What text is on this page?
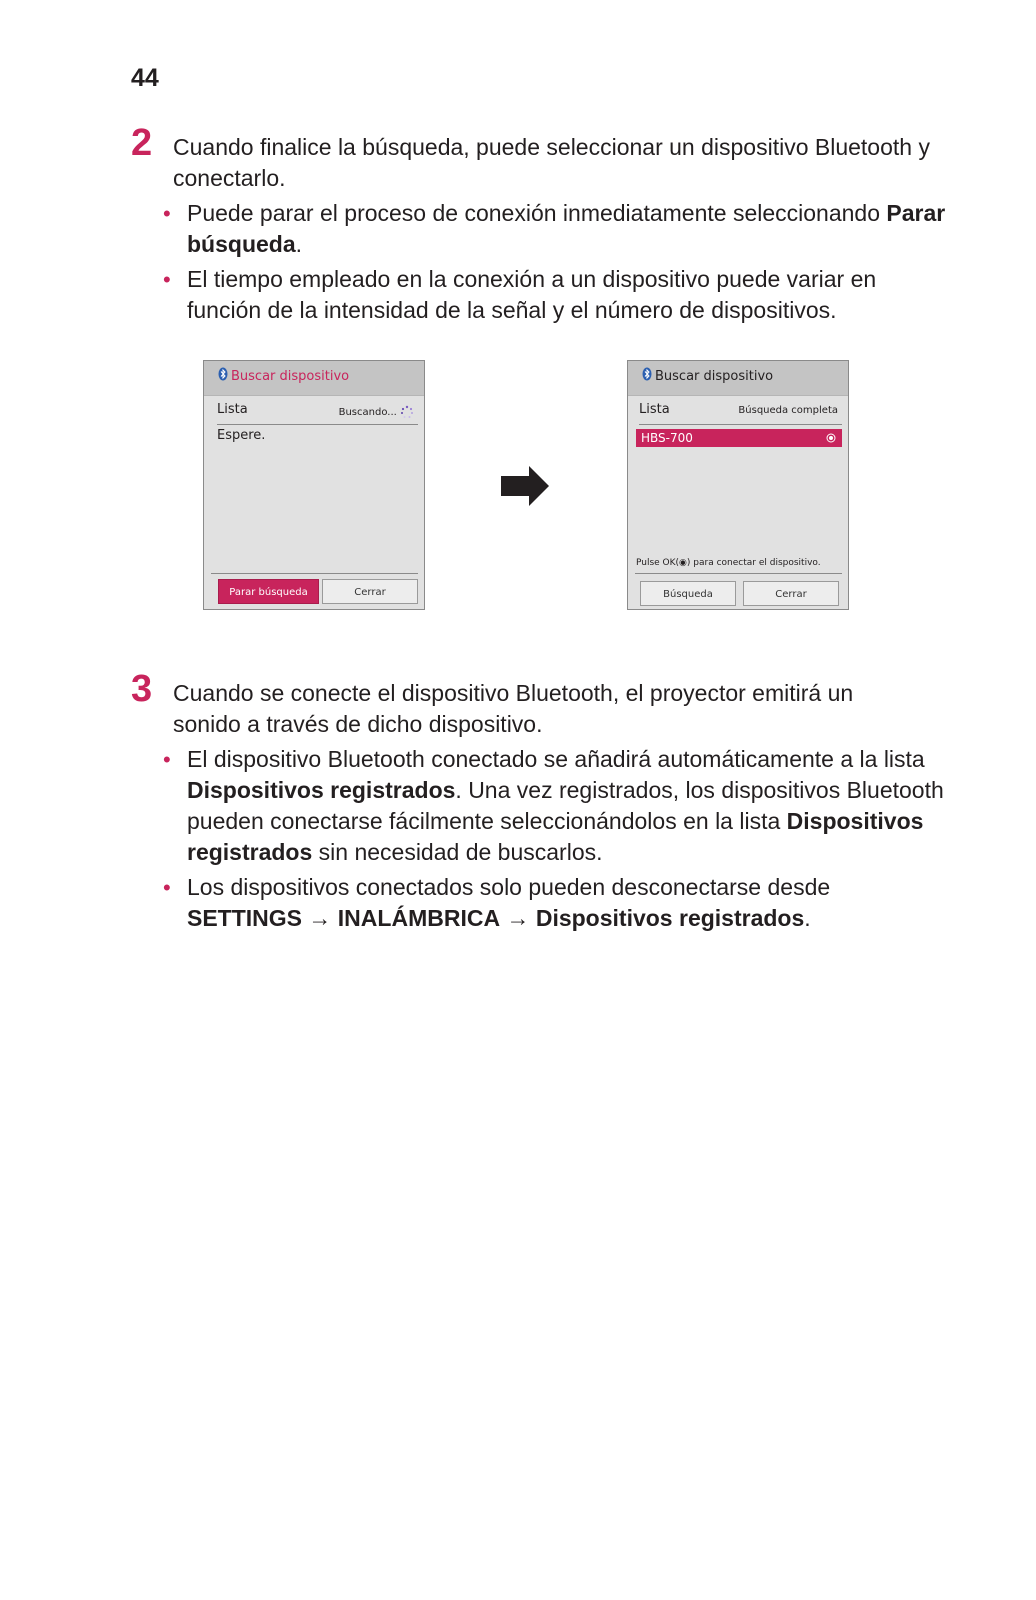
44
2 Cuando finalice la búsqueda, puede seleccionar un dispositivo Bluetooth y conectarlo.
• Puede parar el proceso de conexión inmediatamente seleccionando Parar búsqueda.
• El tiempo empleado en la conexión a un dispositivo puede variar en función de la intensidad de la señal y el número de dispositivos.
Buscar dispositivo
Lista	Buscando...
Espere.
Parar búsqueda	Cerrar
Buscar dispositivo
Lista	Búsqueda completa
HBS-700
Pulse OK(◉) para conectar el dispositivo.
Búsqueda	Cerrar
3 Cuando se conecte el dispositivo Bluetooth, el proyector emitirá un sonido a través de dicho dispositivo.
• El dispositivo Bluetooth conectado se añadirá automáticamente a la lista Dispositivos registrados. Una vez registrados, los dispositivos Bluetooth pueden conectarse fácilmente seleccionándolos en la lista Dispositivos registrados sin necesidad de buscarlos.
• Los dispositivos conectados solo pueden desconectarse desde
SETTINGS → INALÁMBRICA → Dispositivos registrados.
